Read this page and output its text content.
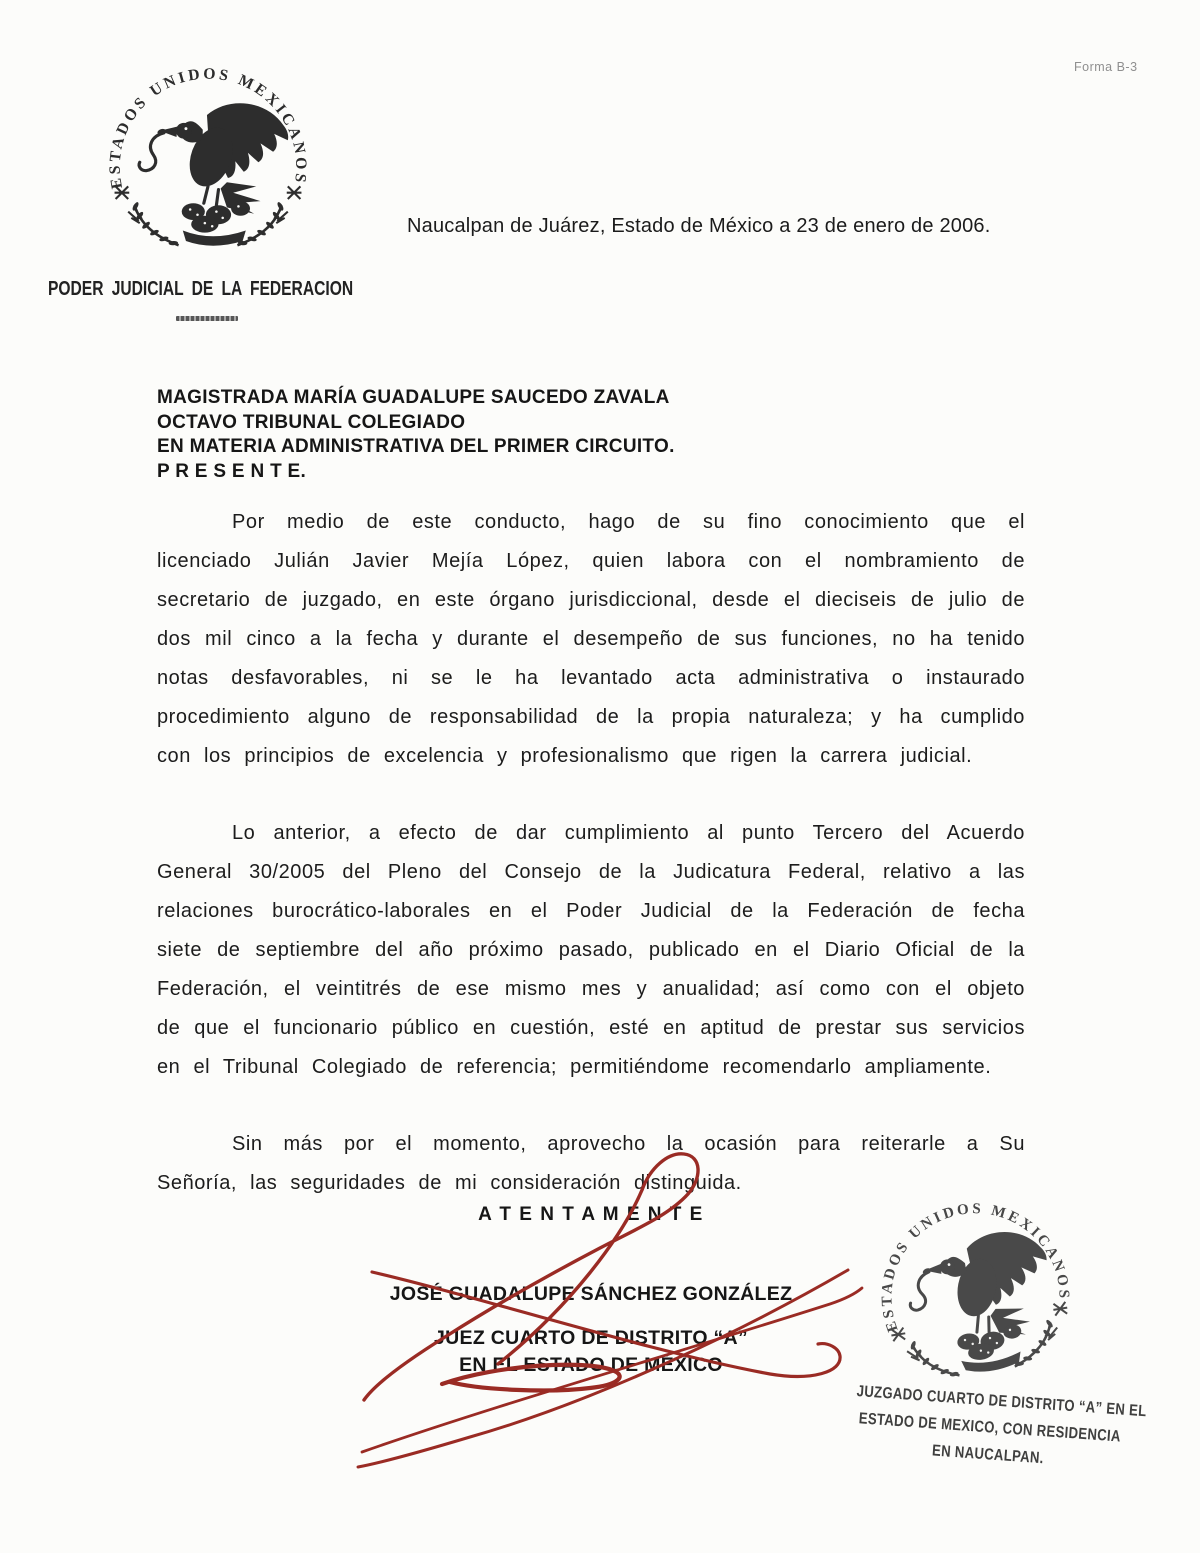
Forma B-3
PODER JUDICIAL DE LA FEDERACION
Naucalpan de Juárez, Estado de México a 23 de enero de 2006.
MAGISTRADA MARÍA GUADALUPE SAUCEDO ZAVALA
OCTAVO TRIBUNAL COLEGIADO
EN MATERIA ADMINISTRATIVA DEL PRIMER CIRCUITO.
P R E S E N T E.

Por medio de este conducto, hago de su fino conocimiento que el licenciado Julián Javier Mejía López, quien labora con el nombramiento de secretario de juzgado, en este órgano jurisdiccional, desde el dieciseis de julio de dos mil cinco a la fecha y durante el desempeño de sus funciones, no ha tenido notas desfavorables, ni se le ha levantado acta administrativa o instaurado procedimiento alguno de responsabilidad de la propia naturaleza; y ha cumplido con los principios de excelencia y profesionalismo que rigen la carrera judicial.

Lo anterior, a efecto de dar cumplimiento al punto Tercero del Acuerdo General 30/2005 del Pleno del Consejo de la Judicatura Federal, relativo a las relaciones burocrático-laborales en el Poder Judicial de la Federación de fecha siete de septiembre del año próximo pasado, publicado en el Diario Oficial de la Federación, el veintitrés de ese mismo mes y anualidad; así como con el objeto de que el funcionario público en cuestión, esté en aptitud de prestar sus servicios en el Tribunal Colegiado de referencia; permitiéndome recomendarlo ampliamente.

Sin más por el momento, aprovecho la ocasión para reiterarle a Su Señoría, las seguridades de mi consideración distinguida.

A T E N T A M E N T E
JOSÉ GUADALUPE SÁNCHEZ GONZÁLEZ
JUEZ CUARTO DE DISTRITO “A”
EN EL ESTADO DE MÉXICO
JUZGADO CUARTO DE DISTRITO “A” EN EL
ESTADO DE MEXICO, CON RESIDENCIA
EN NAUCALPAN.
